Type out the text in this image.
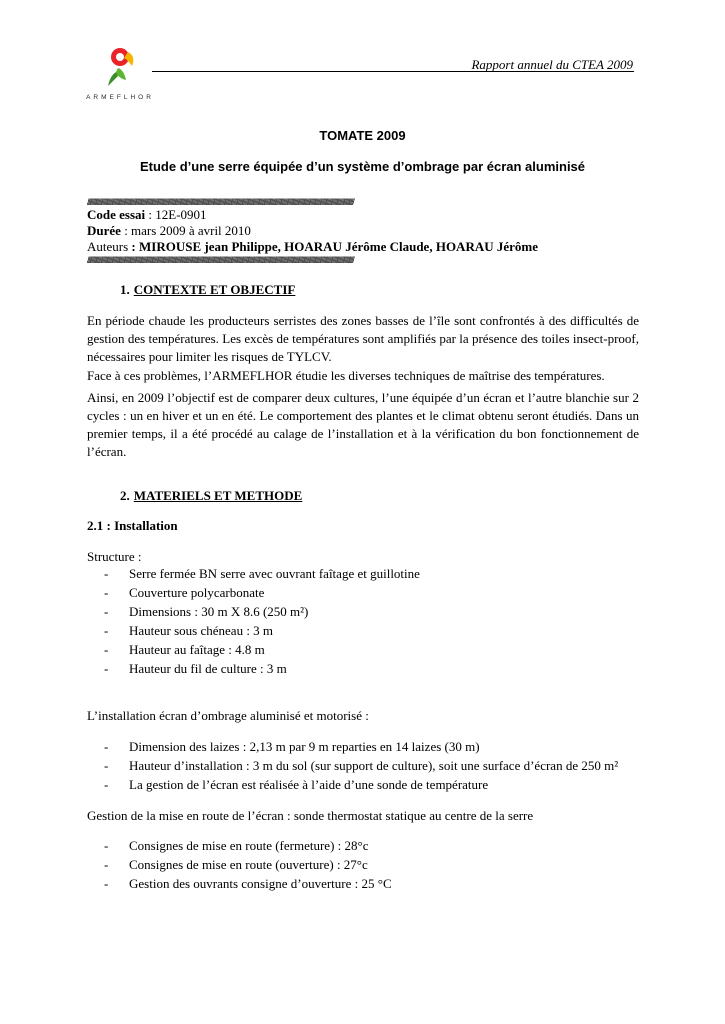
ARMEFLHOR
Rapport annuel du CTEA 2009
TOMATE 2009
Etude d’une serre équipée d’un système d’ombrage par écran aluminisé
//////////////////////////////////////////////////////////////////////////////////////////////////////////////////////////////////////////////////////////////////////////////////////////////////////////////////////////////////////////////////
Code essai : 12E-0901
Durée : mars 2009 à avril 2010
Auteurs : MIROUSE jean Philippe, HOARAU Jérôme Claude, HOARAU Jérôme
//////////////////////////////////////////////////////////////////////////////////////////////////////////////////////////////////////////////////////////////////////////////////////////////////////////////////////////////////////////////////
1. CONTEXTE ET OBJECTIF

En période chaude les producteurs serristes des zones basses de l’île sont confrontés à des difficultés de gestion des températures. Les excès de températures sont amplifiés par la présence des toiles insect-proof, nécessaires pour limiter les risques de TYLCV.

Face à ces problèmes, l’ARMEFLHOR étudie les diverses techniques de maîtrise des températures.

Ainsi, en 2009 l’objectif est de comparer deux cultures, l’une équipée d’un écran et l’autre blanchie sur 2 cycles : un en hiver et un en été. Le comportement des plantes et le climat obtenu seront étudiés. Dans un premier temps, il a été procédé au calage de l’installation et à la vérification du bon fonctionnement de l’écran.

2. MATERIELS ET METHODE
2.1 : Installation
Structure :
- Serre fermée BN serre avec ouvrant faîtage et guillotine
- Couverture polycarbonate
- Dimensions : 30 m X 8.6 (250 m²)
- Hauteur sous chéneau : 3 m
- Hauteur au faîtage : 4.8 m
- Hauteur du fil de culture : 3 m
L’installation écran d’ombrage aluminisé et motorisé :
- Dimension des laizes : 2,13 m par 9 m reparties en 14 laizes (30 m)
- Hauteur d’installation : 3 m du sol (sur support de culture), soit une surface d’écran de 250 m²
- La gestion de l’écran est réalisée à l’aide d’une sonde de température
Gestion de la mise en route de l’écran : sonde thermostat statique au centre de la serre
- Consignes de mise en route (fermeture) : 28°c
- Consignes de mise en route (ouverture) : 27°c
- Gestion des ouvrants consigne d’ouverture : 25 °C
